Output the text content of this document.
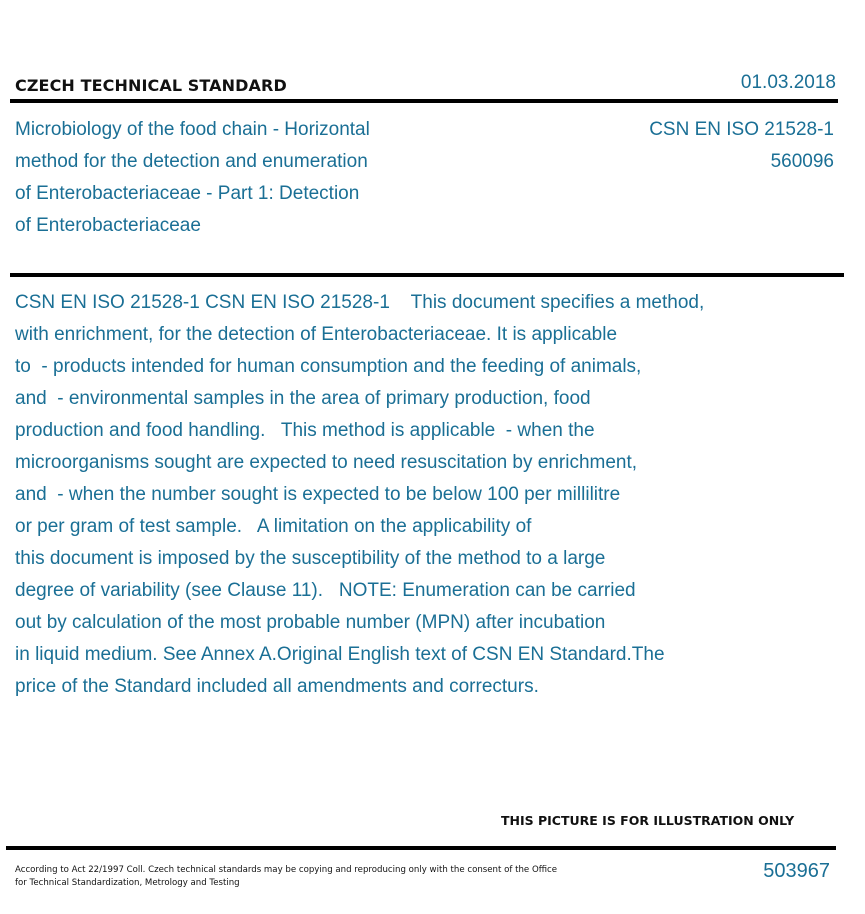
CZECH TECHNICAL STANDARD	01.03.2018
Microbiology of the food chain - Horizontal
method for the detection and enumeration
of Enterobacteriaceae - Part 1: Detection
of Enterobacteriaceae
CSN EN ISO 21528-1
560096
CSN EN ISO 21528-1 CSN EN ISO 21528-1    This document specifies a method,
with enrichment, for the detection of Enterobacteriaceae. It is applicable
to  - products intended for human consumption and the feeding of animals,
and  - environmental samples in the area of primary production, food
production and food handling.   This method is applicable  - when the
microorganisms sought are expected to need resuscitation by enrichment,
and  - when the number sought is expected to be below 100 per millilitre
or per gram of test sample.   A limitation on the applicability of
this document is imposed by the susceptibility of the method to a large
degree of variability (see Clause 11).   NOTE: Enumeration can be carried
out by calculation of the most probable number (MPN) after incubation
in liquid medium. See Annex A.Original English text of CSN EN Standard.The
price of the Standard included all amendments and correcturs.
THIS PICTURE IS FOR ILLUSTRATION ONLY
According to Act 22/1997 Coll. Czech technical standards may be copying and reproducing only with the consent of the Office
for Technical Standardization, Metrology and Testing
503967
